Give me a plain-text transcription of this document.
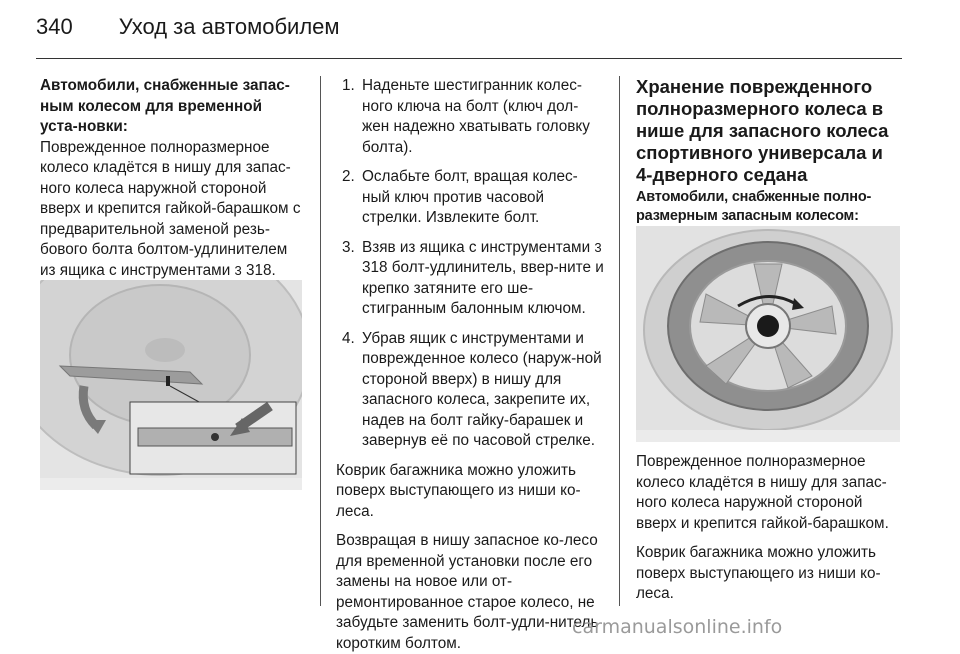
340 Уход за автомобилем

Автомобили, снабженные запас-ным колесом для временной уста-новки:

Поврежденное полноразмерное колесо кладётся в нишу для запас-ного колеса наружной стороной вверх и крепится гайкой-барашком с предварительной заменой резь-бового болта болтом-удлинителем из ящика с инструментами 3 318.

1. Наденьте шестигранник колес-ного ключа на болт (ключ дол-жен надежно хватывать головку болта).
2. Ослабьте болт, вращая колес-ный ключ против часовой стрелки. Извлеките болт.
3. Взяв из ящика с инструментами 3 318 болт-удлинитель, ввер-ните и крепко затяните его ше-стигранным балонным ключом.
4. Убрав ящик с инструментами и поврежденное колесо (наруж-ной стороной вверх) в нишу для запасного колеса, закрепите их, надев на болт гайку-барашек и завернув её по часовой стрелке.

Коврик багажника можно уложить поверх выступающего из ниши ко-леса.

Возвращая в нишу запасное ко-лесо для временной установки после его замены на новое или от-ремонтированное старое колесо, не забудьте заменить болт-удли-нитель коротким болтом.

Хранение поврежденного полноразмерного колеса в нише для запасного колеса спортивного универсала и 4-дверного седана

Автомобили, снабженные полно-размерным запасным колесом:

Поврежденное полноразмерное колесо кладётся в нишу для запас-ного колеса наружной стороной вверх и крепится гайкой-барашком.

Коврик багажника можно уложить поверх выступающего из ниши ко-леса.

carmanualsonline.info
